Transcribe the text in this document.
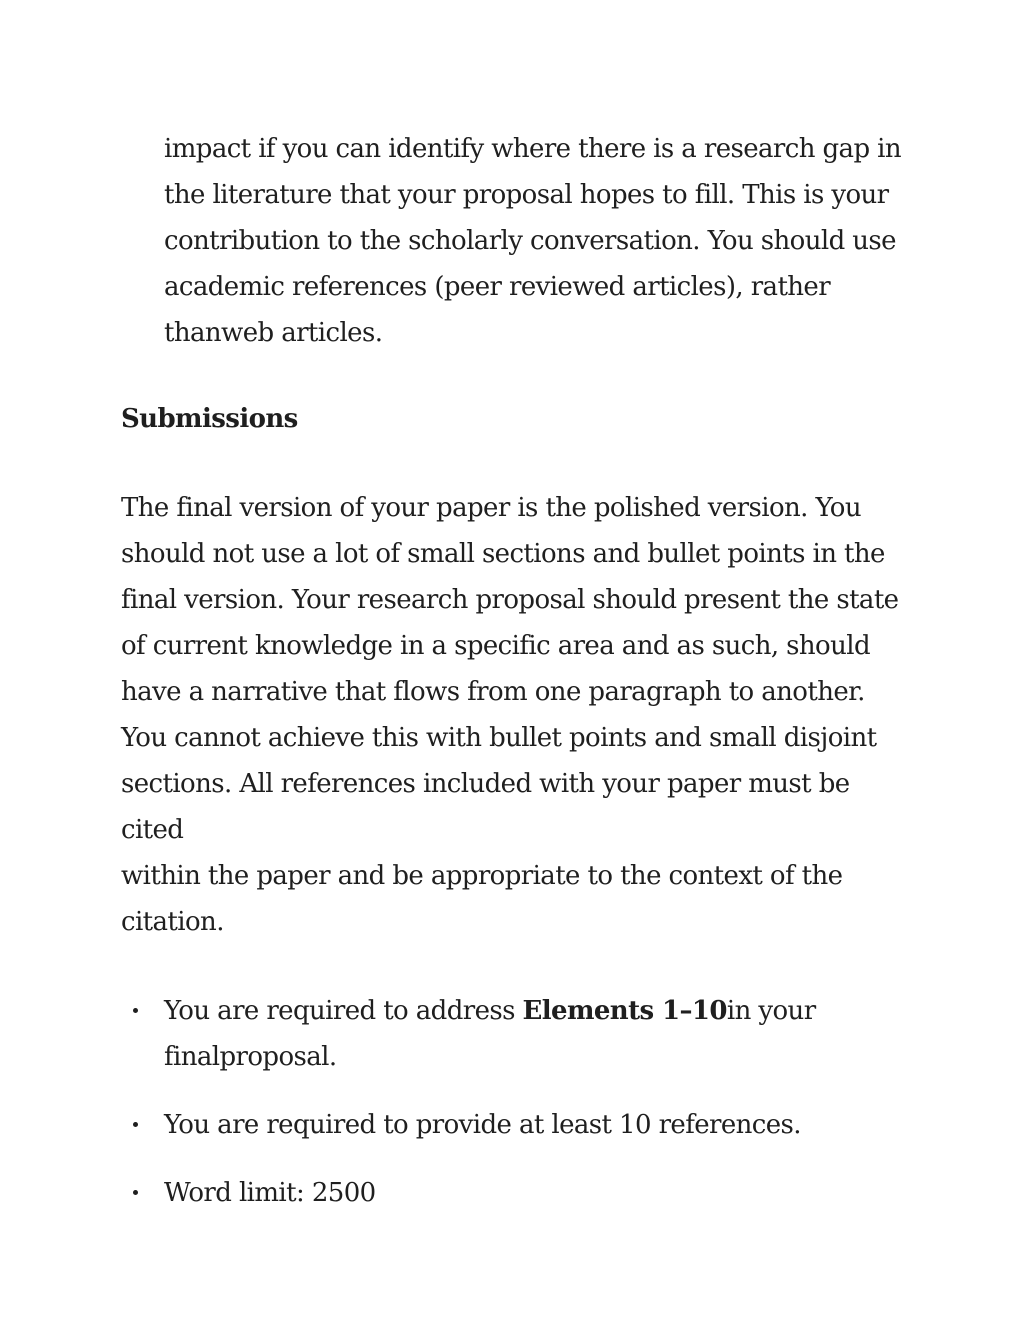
impact if you can identify where there is a research gap in
the literature that your proposal hopes to fill. This is your
contribution to the scholarly conversation. You should use
academic references (peer reviewed articles), rather
thanweb articles.
Submissions
The final version of your paper is the polished version. You
should not use a lot of small sections and bullet points in the
final version. Your research proposal should present the state
of current knowledge in a specific area and as such, should
have a narrative that flows from one paragraph to another.
You cannot achieve this with bullet points and small disjoint
sections. All references included with your paper must be cited
within the paper and be appropriate to the context of the
citation.
You are required to address Elements 1–10in your
finalproposal.
You are required to provide at least 10 references.
Word limit: 2500
